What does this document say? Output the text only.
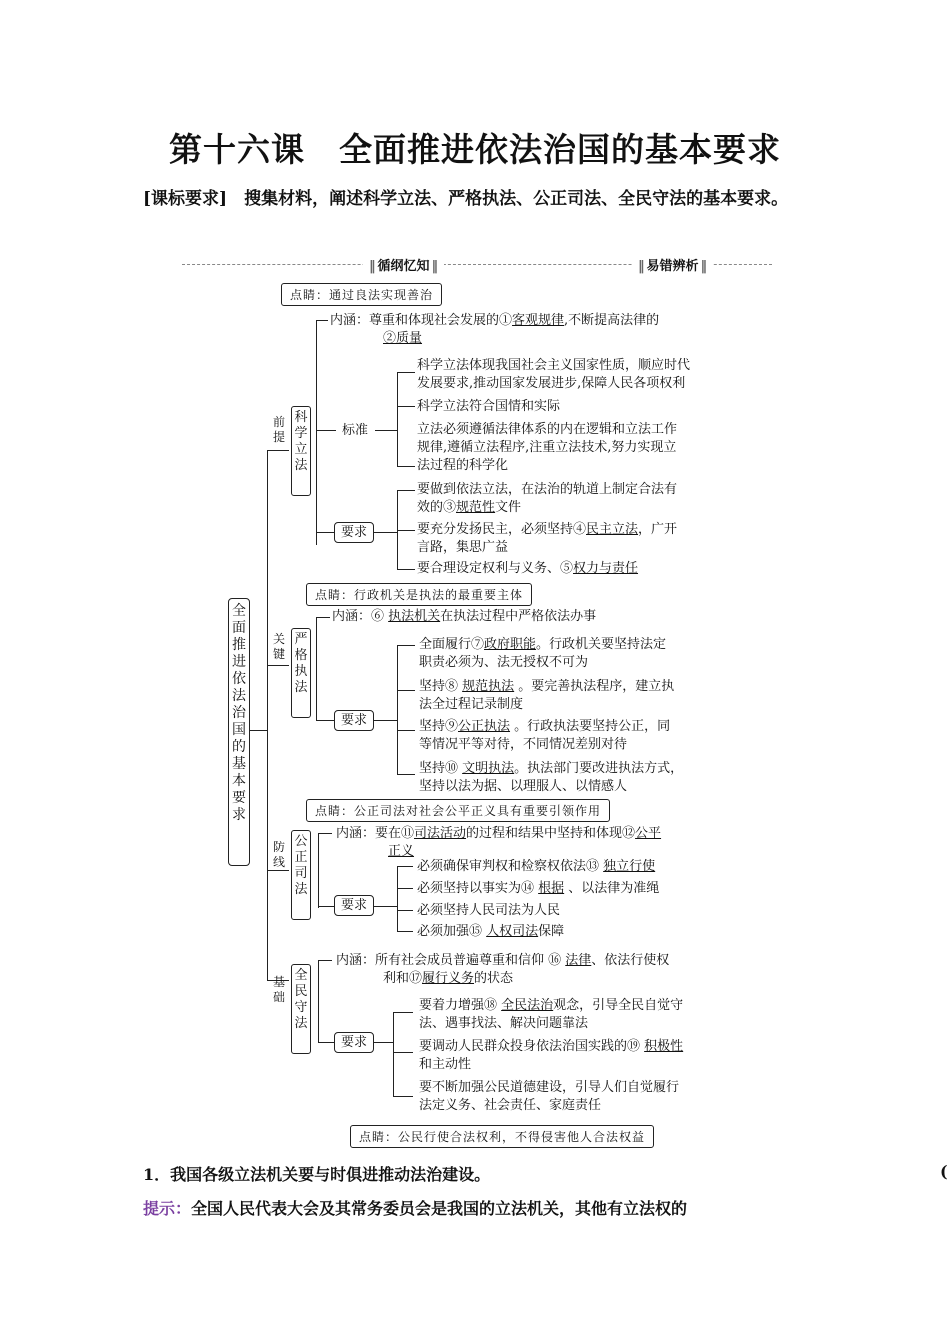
第十六课　全面推进依法治国的基本要求
[课标要求]　搜集材料，阐述科学立法、严格执法、公正司法、全民守法的基本要求。
‖ 循纲忆知 ‖
‖	易错辨析 ‖
全面推进依法治国的基本要求
点睛：通过良法实现善治
前提
科学立法
内涵：尊重和体现社会发展的①客观规律,不断提高法律的
②质量
标准
科学立法体现我国社会主义国家性质，顺应时代
发展要求,推动国家发展进步,保障人民各项权利
科学立法符合国情和实际
立法必须遵循法律体系的内在逻辑和立法工作
规律,遵循立法程序,注重立法技术,努力实现立
法过程的科学化
要求
要做到依法立法，在法治的轨道上制定合法有
效的③规范性文件
要充分发扬民主，必须坚持④民主立法，广开
言路，集思广益
要合理设定权利与义务、⑤权力与责任
点睛：行政机关是执法的最重要主体
关键
严格执法
内涵：⑥ 执法机关在执法过程中严格依法办事
要求
全面履行⑦政府职能。行政机关要坚持法定
职责必须为、法无授权不可为
坚持⑧ 规范执法 。要完善执法程序，建立执
法全过程记录制度
坚持⑨公正执法 。行政执法要坚持公正，同
等情况平等对待，不同情况差别对待
坚持⑩ 文明执法。执法部门要改进执法方式，
坚持以法为据、以理服人、以情感人
点睛：公正司法对社会公平正义具有重要引领作用
防线
公正司法
内涵：要在⑪司法活动的过程和结果中坚持和体现⑫公平
正义
要求
必须确保审判权和检察权依法⑬ 独立行使
必须坚持以事实为⑭ 根据 、以法律为准绳
必须坚持人民司法为人民
必须加强⑮ 人权司法保障
基础
全民守法
内涵：所有社会成员普遍尊重和信仰 ⑯ 法律、依法行使权
利和⑰履行义务的状态
要求
要着力增强⑱ 全民法治观念，引导全民自觉守
法、遇事找法、解决问题靠法
要调动人民群众投身依法治国实践的⑲ 积极性
和主动性
要不断加强公民道德建设，引导人们自觉履行
法定义务、社会责任、家庭责任
点睛：公民行使合法权利，不得侵害他人合法权益
1．我国各级立法机关要与时俱进推动法治建设。	(
提示：全国人民代表大会及其常务委员会是我国的立法机关，其他有立法权的
